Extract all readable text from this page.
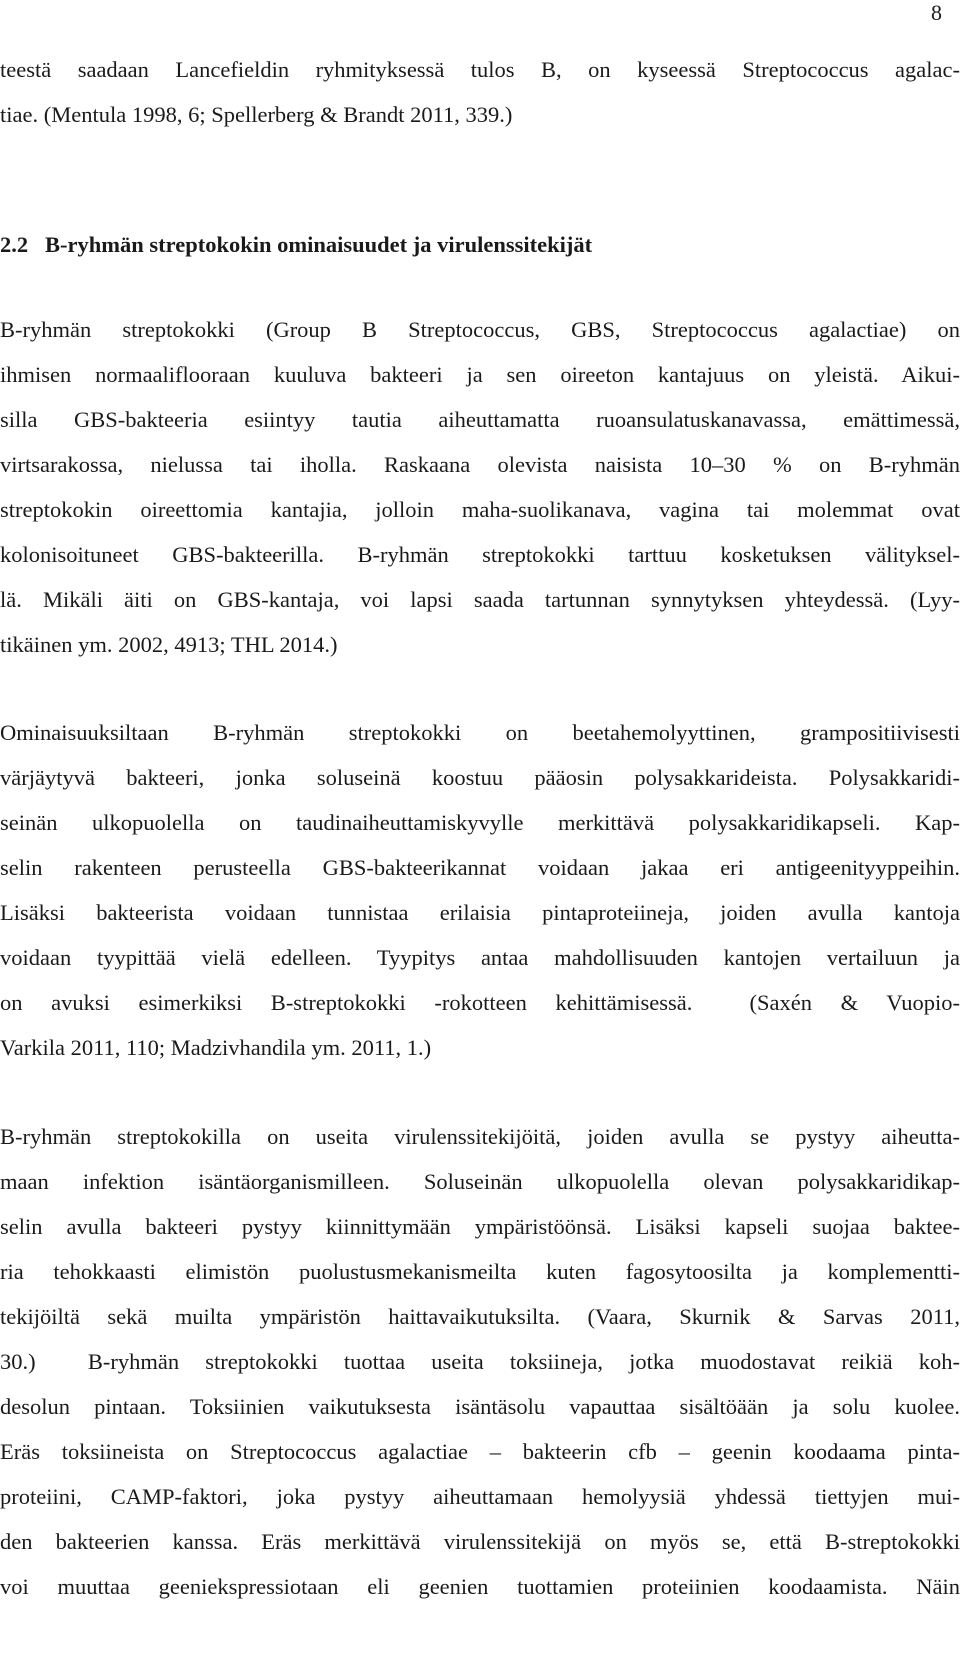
8
teestä saadaan Lancefieldin ryhmityksessä tulos B, on kyseessä Streptococcus agalac-
tiae. (Mentula 1998, 6; Spellerberg & Brandt 2011, 339.)
2.2   B-ryhmän streptokokin ominaisuudet ja virulenssitekijät
B-ryhmän streptokokki (Group B Streptococcus, GBS, Streptococcus agalactiae) on
ihmisen normaaliflooraan kuuluva bakteeri ja sen oireeton kantajuus on yleistä. Aikui-
silla GBS-bakteeria esiintyy tautia aiheuttamatta ruoansulatuskanavassa, emättimessä,
virtsarakossa, nielussa tai iholla. Raskaana olevista naisista 10–30 % on B-ryhmän
streptokokin oireettomia kantajia, jolloin maha-suolikanava, vagina tai molemmat ovat
kolonisoituneet GBS-bakteerilla. B-ryhmän streptokokki tarttuu kosketuksen välityksel-
lä. Mikäli äiti on GBS-kantaja, voi lapsi saada tartunnan synnytyksen yhteydessä. (Lyy-
tikäinen ym. 2002, 4913; THL 2014.)
Ominaisuuksiltaan B-ryhmän streptokokki on beetahemolyyttinen, grampositiivisesti
värjäytyvä bakteeri, jonka soluseinä koostuu pääosin polysakkarideista. Polysakkaridi-
seinän ulkopuolella on taudinaiheuttamiskyvylle merkittävä polysakkaridikapseli. Kap-
selin rakenteen perusteella GBS-bakteerikannat voidaan jakaa eri antigeenityyppeihin.
Lisäksi bakteerista voidaan tunnistaa erilaisia pintaproteiineja, joiden avulla kantoja
voidaan tyypittää vielä edelleen. Tyypitys antaa mahdollisuuden kantojen vertailuun ja
on avuksi esimerkiksi B-streptokokki -rokotteen kehittämisessä.  (Saxén & Vuopio-
Varkila 2011, 110; Madzivhandila ym. 2011, 1.)
B-ryhmän streptokokilla on useita virulenssitekijöitä, joiden avulla se pystyy aiheutta-
maan infektion isäntäorganismilleen. Soluseinän ulkopuolella olevan polysakkaridikap-
selin avulla bakteeri pystyy kiinnittymään ympäristöönsä. Lisäksi kapseli suojaa baktee-
ria tehokkaasti elimistön puolustusmekanismeilta kuten fagosytoosilta ja komplementti-
tekijöiltä sekä muilta ympäristön haittavaikutuksilta. (Vaara, Skurnik & Sarvas 2011,
30.)  B-ryhmän streptokokki tuottaa useita toksiineja, jotka muodostavat reikiä koh-
desolun pintaan. Toksiinien vaikutuksesta isäntäsolu vapauttaa sisältöään ja solu kuolee.
Eräs toksiineista on Streptococcus agalactiae – bakteerin cfb – geenin koodaama pinta-
proteiini, CAMP-faktori, joka pystyy aiheuttamaan hemolyysiä yhdessä tiettyjen mui-
den bakteerien kanssa. Eräs merkittävä virulenssitekijä on myös se, että B-streptokokki
voi muuttaa geeniekspressiotaan eli geenien tuottamien proteiinien koodaamista. Näin
